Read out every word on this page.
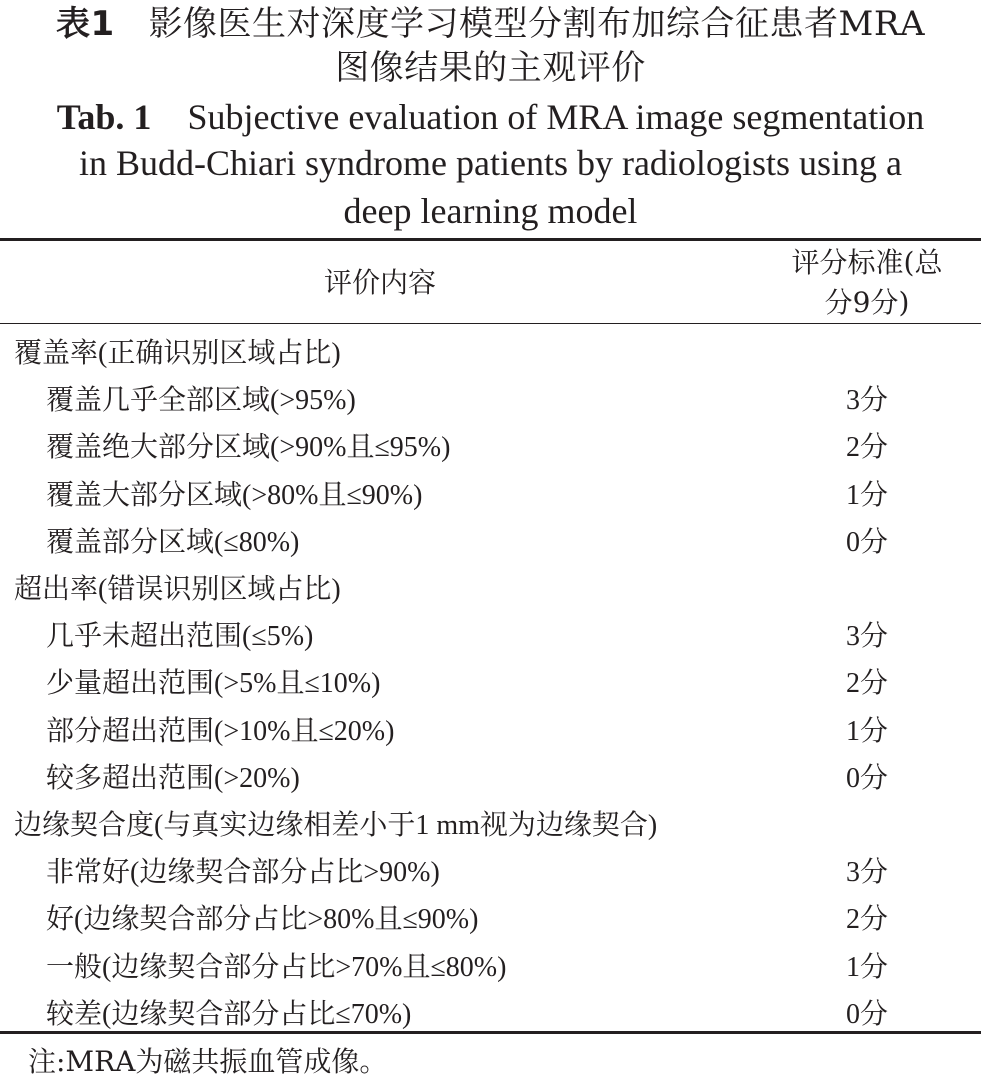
表1 影像医生对深度学习模型分割布加综合征患者MRA
图像结果的主观评价
Tab. 1 Subjective evaluation of MRA image segmentation
in Budd-Chiari syndrome patients by radiologists using a
deep learning model
评价内容
评分标准(总
分9分)
覆盖率(正确识别区域占比)
覆盖几乎全部区域(>95%)	3分
覆盖绝大部分区域(>90%且≤95%)	2分
覆盖大部分区域(>80%且≤90%)	1分
覆盖部分区域(≤80%)	0分
超出率(错误识别区域占比)
几乎未超出范围(≤5%)	3分
少量超出范围(>5%且≤10%)	2分
部分超出范围(>10%且≤20%)	1分
较多超出范围(>20%)	0分
边缘契合度(与真实边缘相差小于1 mm视为边缘契合)
非常好(边缘契合部分占比>90%)	3分
好(边缘契合部分占比>80%且≤90%)	2分
一般(边缘契合部分占比>70%且≤80%)	1分
较差(边缘契合部分占比≤70%)	0分
注:MRA为磁共振血管成像。
